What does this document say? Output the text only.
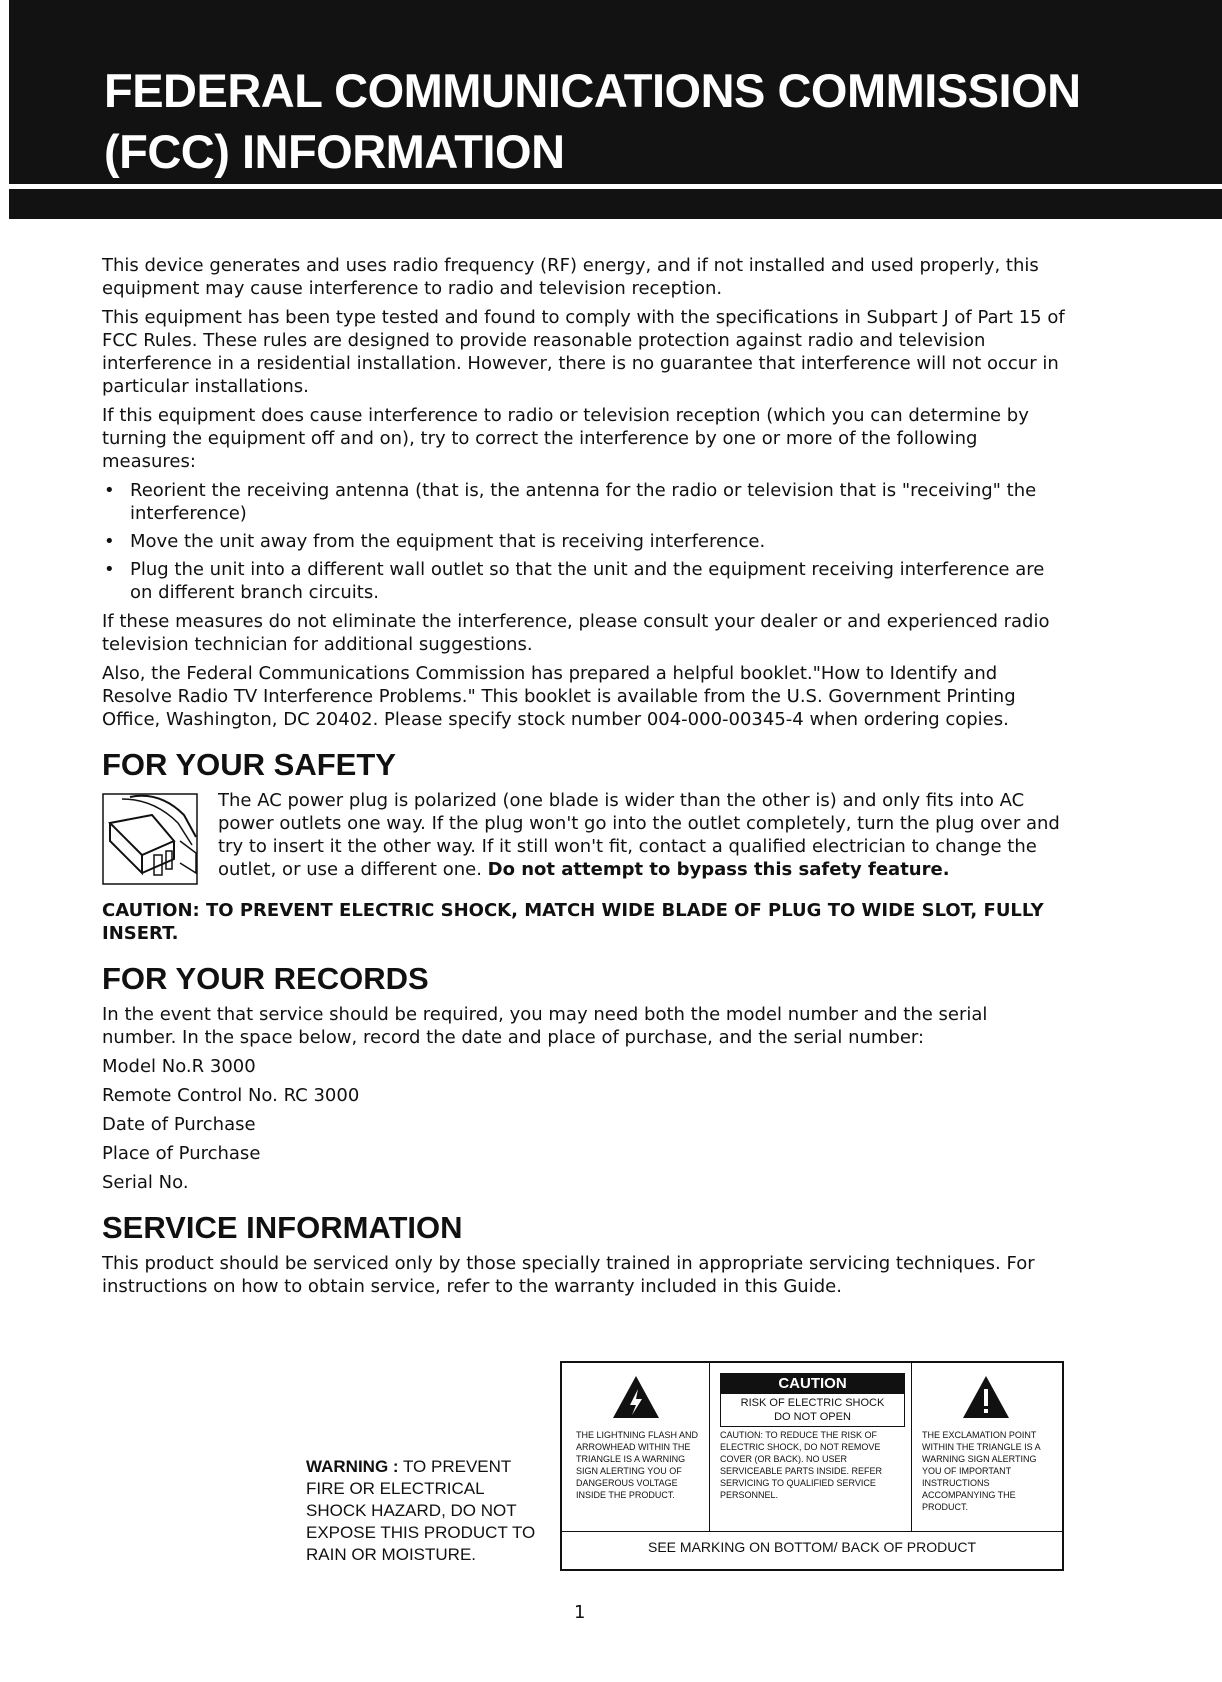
FEDERAL COMMUNICATIONS COMMISSION
(FCC) INFORMATION

This device generates and uses radio frequency (RF) energy, and if not installed and used properly, this equipment may cause interference to radio and television reception.

This equipment has been type tested and found to comply with the specifications in Subpart J of Part 15 of FCC Rules. These rules are designed to provide reasonable protection against radio and television interference in a residential installation. However, there is no guarantee that interference will not occur in particular installations.

If this equipment does cause interference to radio or television reception (which you can determine by turning the equipment off and on), try to correct the interference by one or more of the following measures:

• Reorient the receiving antenna (that is, the antenna for the radio or television that is "receiving" the interference)
• Move the unit away from the equipment that is receiving interference.
• Plug the unit into a different wall outlet so that the unit and the equipment receiving interference are on different branch circuits.

If these measures do not eliminate the interference, please consult your dealer or and experienced radio television technician for additional suggestions.

Also, the Federal Communications Commission has prepared a helpful booklet."How to Identify and Resolve Radio TV Interference Problems." This booklet is available from the U.S. Government Printing Office, Washington, DC 20402. Please specify stock number 004-000-00345-4 when ordering copies.

FOR YOUR SAFETY
The AC power plug is polarized (one blade is wider than the other is) and only fits into AC power outlets one way. If the plug won't go into the outlet completely, turn the plug over and try to insert it the other way. If it still won't fit, contact a qualified electrician to change the outlet, or use a different one. Do not attempt to bypass this safety feature.

CAUTION: TO PREVENT ELECTRIC SHOCK, MATCH WIDE BLADE OF PLUG TO WIDE SLOT, FULLY INSERT.

FOR YOUR RECORDS

In the event that service should be required, you may need both the model number and the serial number. In the space below, record the date and place of purchase, and the serial number:

Model No.R 3000

Remote Control No. RC 3000

Date of Purchase

Place of Purchase

Serial No.

SERVICE INFORMATION

This product should be serviced only by those specially trained in appropriate servicing techniques. For instructions on how to obtain service, refer to the warranty included in this Guide.

WARNING : TO PREVENT FIRE OR ELECTRICAL SHOCK HAZARD, DO NOT EXPOSE THIS PRODUCT TO RAIN OR MOISTURE.

THE LIGHTNING FLASH AND ARROWHEAD WITHIN THE TRIANGLE IS A WARNING SIGN ALERTING YOU OF DANGEROUS VOLTAGE INSIDE THE PRODUCT.

CAUTION
RISK OF ELECTRIC SHOCK
DO NOT OPEN

CAUTION: TO REDUCE THE RISK OF ELECTRIC SHOCK, DO NOT REMOVE COVER (OR BACK). NO USER SERVICEABLE PARTS INSIDE. REFER SERVICING TO QUALIFIED SERVICE PERSONNEL.

THE EXCLAMATION POINT WITHIN THE TRIANGLE IS A WARNING SIGN ALERTING YOU OF IMPORTANT INSTRUCTIONS ACCOMPANYING THE PRODUCT.

SEE MARKING ON BOTTOM/ BACK OF PRODUCT
1
